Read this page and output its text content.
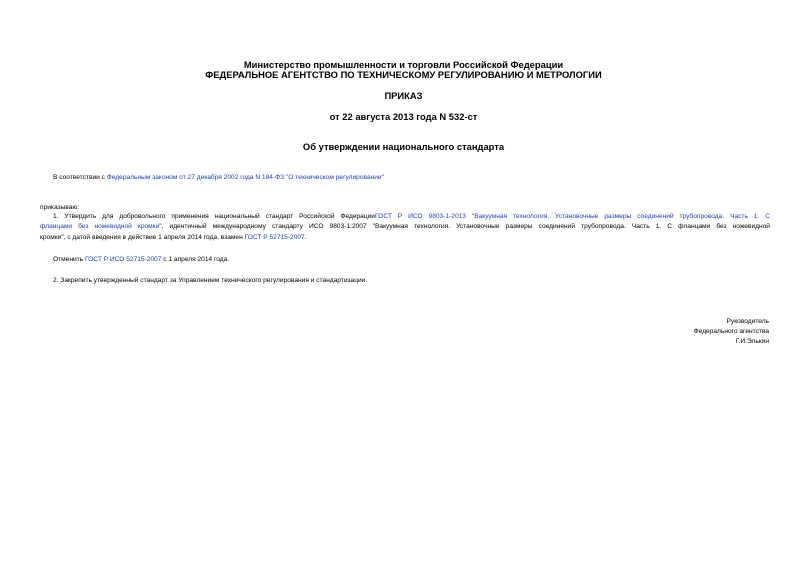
Министерство промышленности и торговли Российской Федерации
ФЕДЕРАЛЬНОЕ АГЕНТСТВО ПО ТЕХНИЧЕСКОМУ РЕГУЛИРОВАНИЮ И МЕТРОЛОГИИ
ПРИКАЗ
от 22 августа 2013 года N 532-ст
Об утверждении национального стандарта
В соответствии с Федеральным законом от 27 декабря 2002 года N 184-ФЗ "О техническом регулировании"
приказываю:
1. Утвердить для добровольного применения национальный стандарт Российской ФедерацииГОСТ Р ИСО 9803-1-2013 "Вакуумная технология. Установочные размеры соединений трубопровода. Часть 1. С
фланцами без ножевидной кромки", идентичный международному стандарту ИСО 9803-1:2007 "Вакуумная технология. Установочные размеры соединений трубопровода. Часть 1. С фланцами без ножевидной
кромки", с датой введения в действие 1 апреля 2014 года, взамен ГОСТ Р 52715-2007.
Отменить ГОСТ Р ИСО 52715-2007 с 1 апреля 2014 года.
2. Закрепить утвержденный стандарт за Управлением технического регулирования и стандартизации.
Руководитель
Федерального агентства
Г.И.Элькин
